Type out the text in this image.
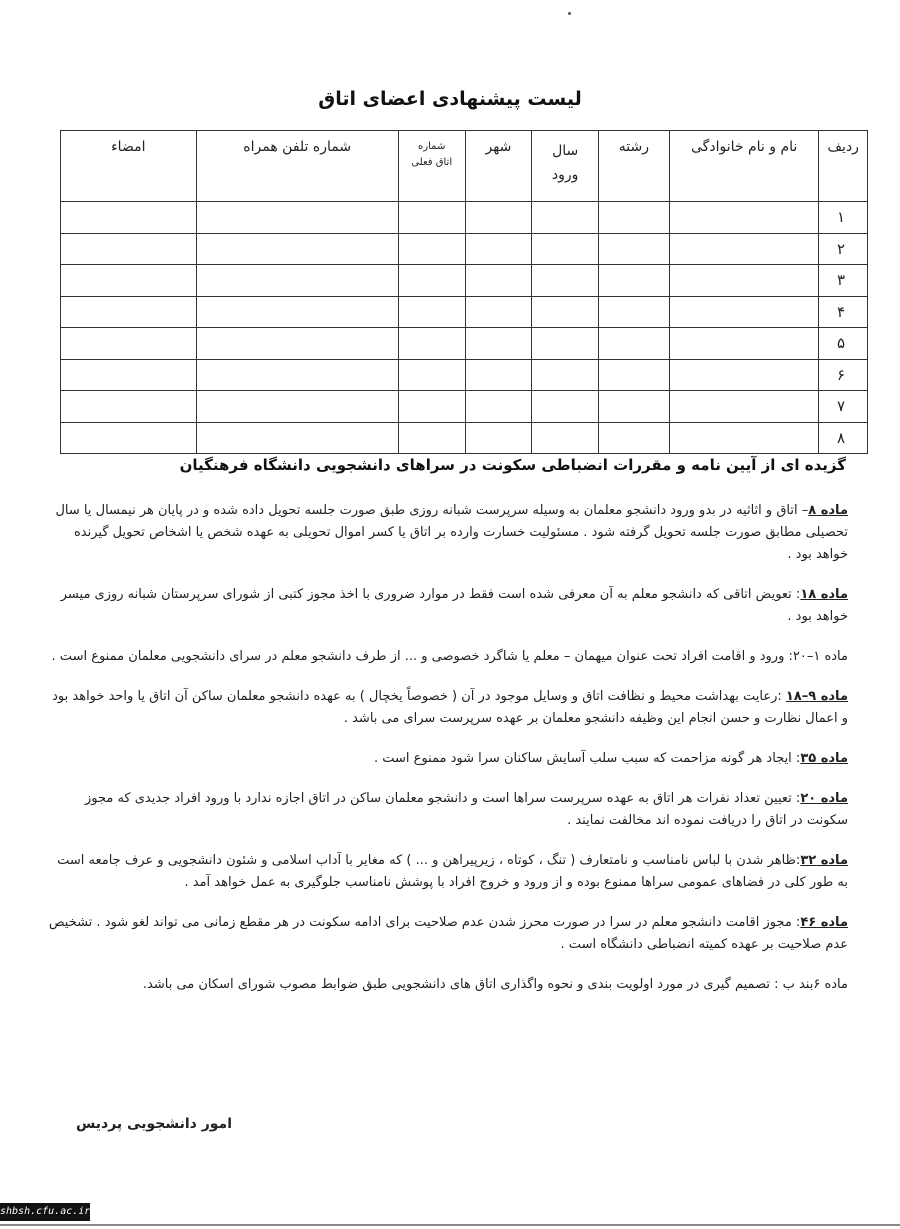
لیست پیشنهادی اعضای اتاق
ردیف	نام و نام خانوادگی	رشته	سال ورود	شهر	شماره اتاق فعلی	شماره تلفن همراه	امضاء
۱							
۲							
۳							
۴							
۵							
۶							
۷							
۸							
گزیده ای از آیین نامه و مقررات انضباطی سکونت در سراهای دانشجویی دانشگاه فرهنگیان
ماده ۸– اتاق و اثاثیه در بدو ورود دانشجو معلمان به وسیله سرپرست شبانه روزی طبق صورت جلسه تحویل داده شده و در پایان هر نیمسال یا سال تحصیلی مطابق صورت جلسه تحویل گرفته شود . مسئولیت خسارت وارده بر اتاق یا کسر اموال تحویلی به عهده شخص یا اشخاص تحویل گیرنده خواهد بود .
ماده ۱۸: تعویض اتاقی که دانشجو معلم به آن معرفی شده است فقط در موارد ضروری با اخذ مجوز کتبی از شورای سرپرستان شبانه روزی میسر خواهد بود .
ماده ۱–۲۰: ورود و اقامت افراد تحت عنوان میهمان – معلم یا شاگرد خصوصی و ... از طرف دانشجو معلم در سرای دانشجویی معلمان ممنوع است .
ماده ۹–۱۸ :رعایت بهداشت محیط و نظافت اتاق و وسایل موجود در آن ( خصوصاً یخچال ) به عهده دانشجو معلمان ساکن آن اتاق یا واحد خواهد بود و اعمال نظارت و حسن انجام این وظیفه دانشجو معلمان بر عهده سرپرست سرای می باشد .
ماده ۳۵: ایجاد هر گونه مزاحمت که سبب سلب آسایش ساکنان سرا شود ممنوع است .
ماده ۲۰: تعیین تعداد نفرات هر اتاق به عهده سرپرست سراها است و دانشجو معلمان ساکن در اتاق اجازه ندارد با ورود افراد جدیدی که مجوز سکونت در اتاق را دریافت نموده اند مخالفت نمایند .
ماده ۳۲:ظاهر شدن با لباس نامناسب و نامتعارف ( تنگ ، کوتاه ، زیرپیراهن و ... ) که مغایر با آداب اسلامی و شئون دانشجویی و عرف جامعه است به طور کلی در فضاهای عمومی سراها ممنوع بوده و از ورود و خروج افراد با پوشش نامناسب جلوگیری به عمل خواهد آمد .
ماده ۴۶: مجوز اقامت دانشجو معلم در سرا در صورت محرز شدن عدم صلاحیت برای ادامه سکونت در هر مقطع زمانی می تواند لغو شود . تشخیص عدم صلاحیت بر عهده کمیته انضباطی دانشگاه است .
ماده ۶بند ب : تصمیم گیری در مورد اولویت بندی و نحوه واگذاری اتاق های دانشجویی طبق ضوابط مصوب شورای اسکان می باشد.
امور دانشجویی پردیس
shbsh.cfu.ac.ir
